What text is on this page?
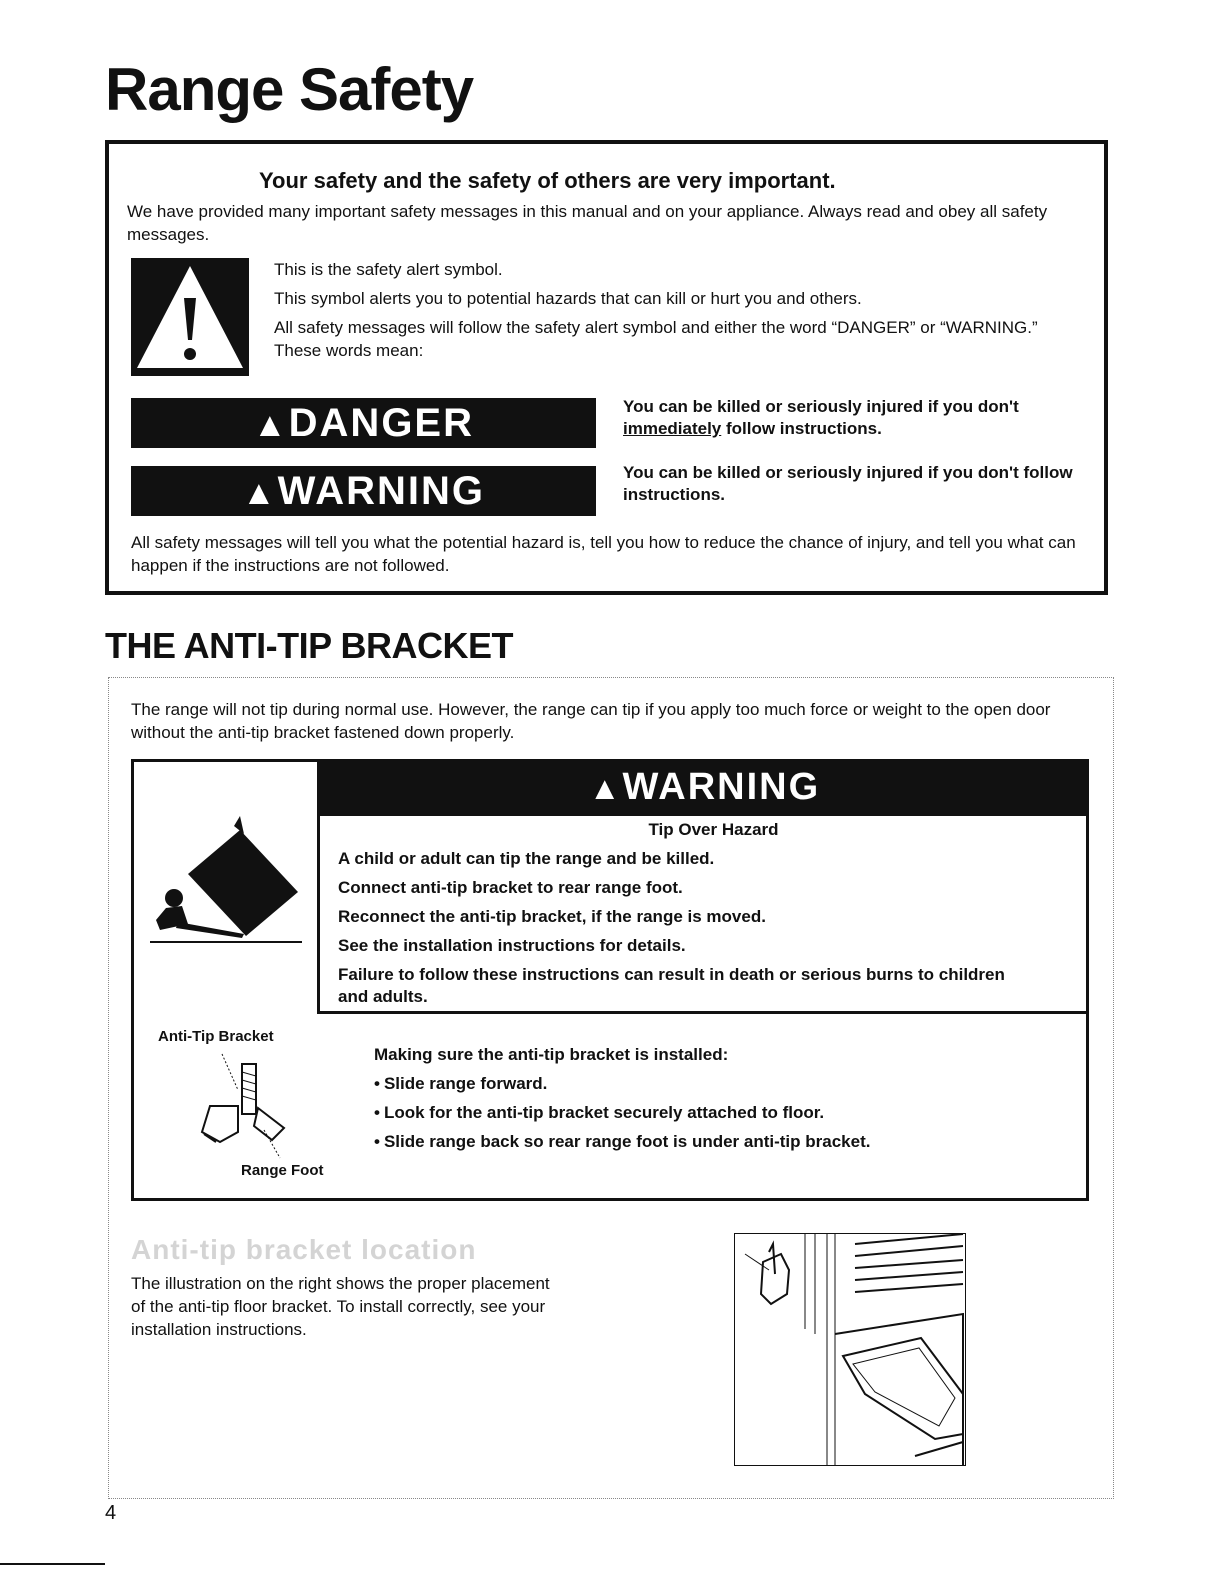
Range Safety
Your safety and the safety of others are very important.

We have provided many important safety messages in this manual and on your appliance. Always read and obey all safety messages.

This is the safety alert symbol.

This symbol alerts you to potential hazards that can kill or hurt you and others.

All safety messages will follow the safety alert symbol and either the word “DANGER” or “WARNING.” These words mean:

▲DANGER	You can be killed or seriously injured if you don't
immediately follow instructions.

▲WARNING	You can be killed or seriously injured if you don't follow instructions.

All safety messages will tell you what the potential hazard is, tell you how to reduce the chance of injury, and tell you what can happen if the instructions are not followed.

THE ANTI-TIP BRACKET

The range will not tip during normal use. However, the range can tip if you apply too much force or weight to the open door without the anti-tip bracket fastened down properly.

▲WARNING

Tip Over Hazard

A child or adult can tip the range and be killed.

Connect anti-tip bracket to rear range foot.

Reconnect the anti-tip bracket, if the range is moved.

See the installation instructions for details.

Failure to follow these instructions can result in death or serious burns to children and adults.

Anti-Tip Bracket
Range Foot

Making sure the anti-tip bracket is installed:

• Slide range forward.
• Look for the anti-tip bracket securely attached to floor.
• Slide range back so rear range foot is under anti-tip bracket.
Anti-tip bracket location

The illustration on the right shows the proper placement of the anti-tip floor bracket. To install correctly, see your installation instructions.

4
